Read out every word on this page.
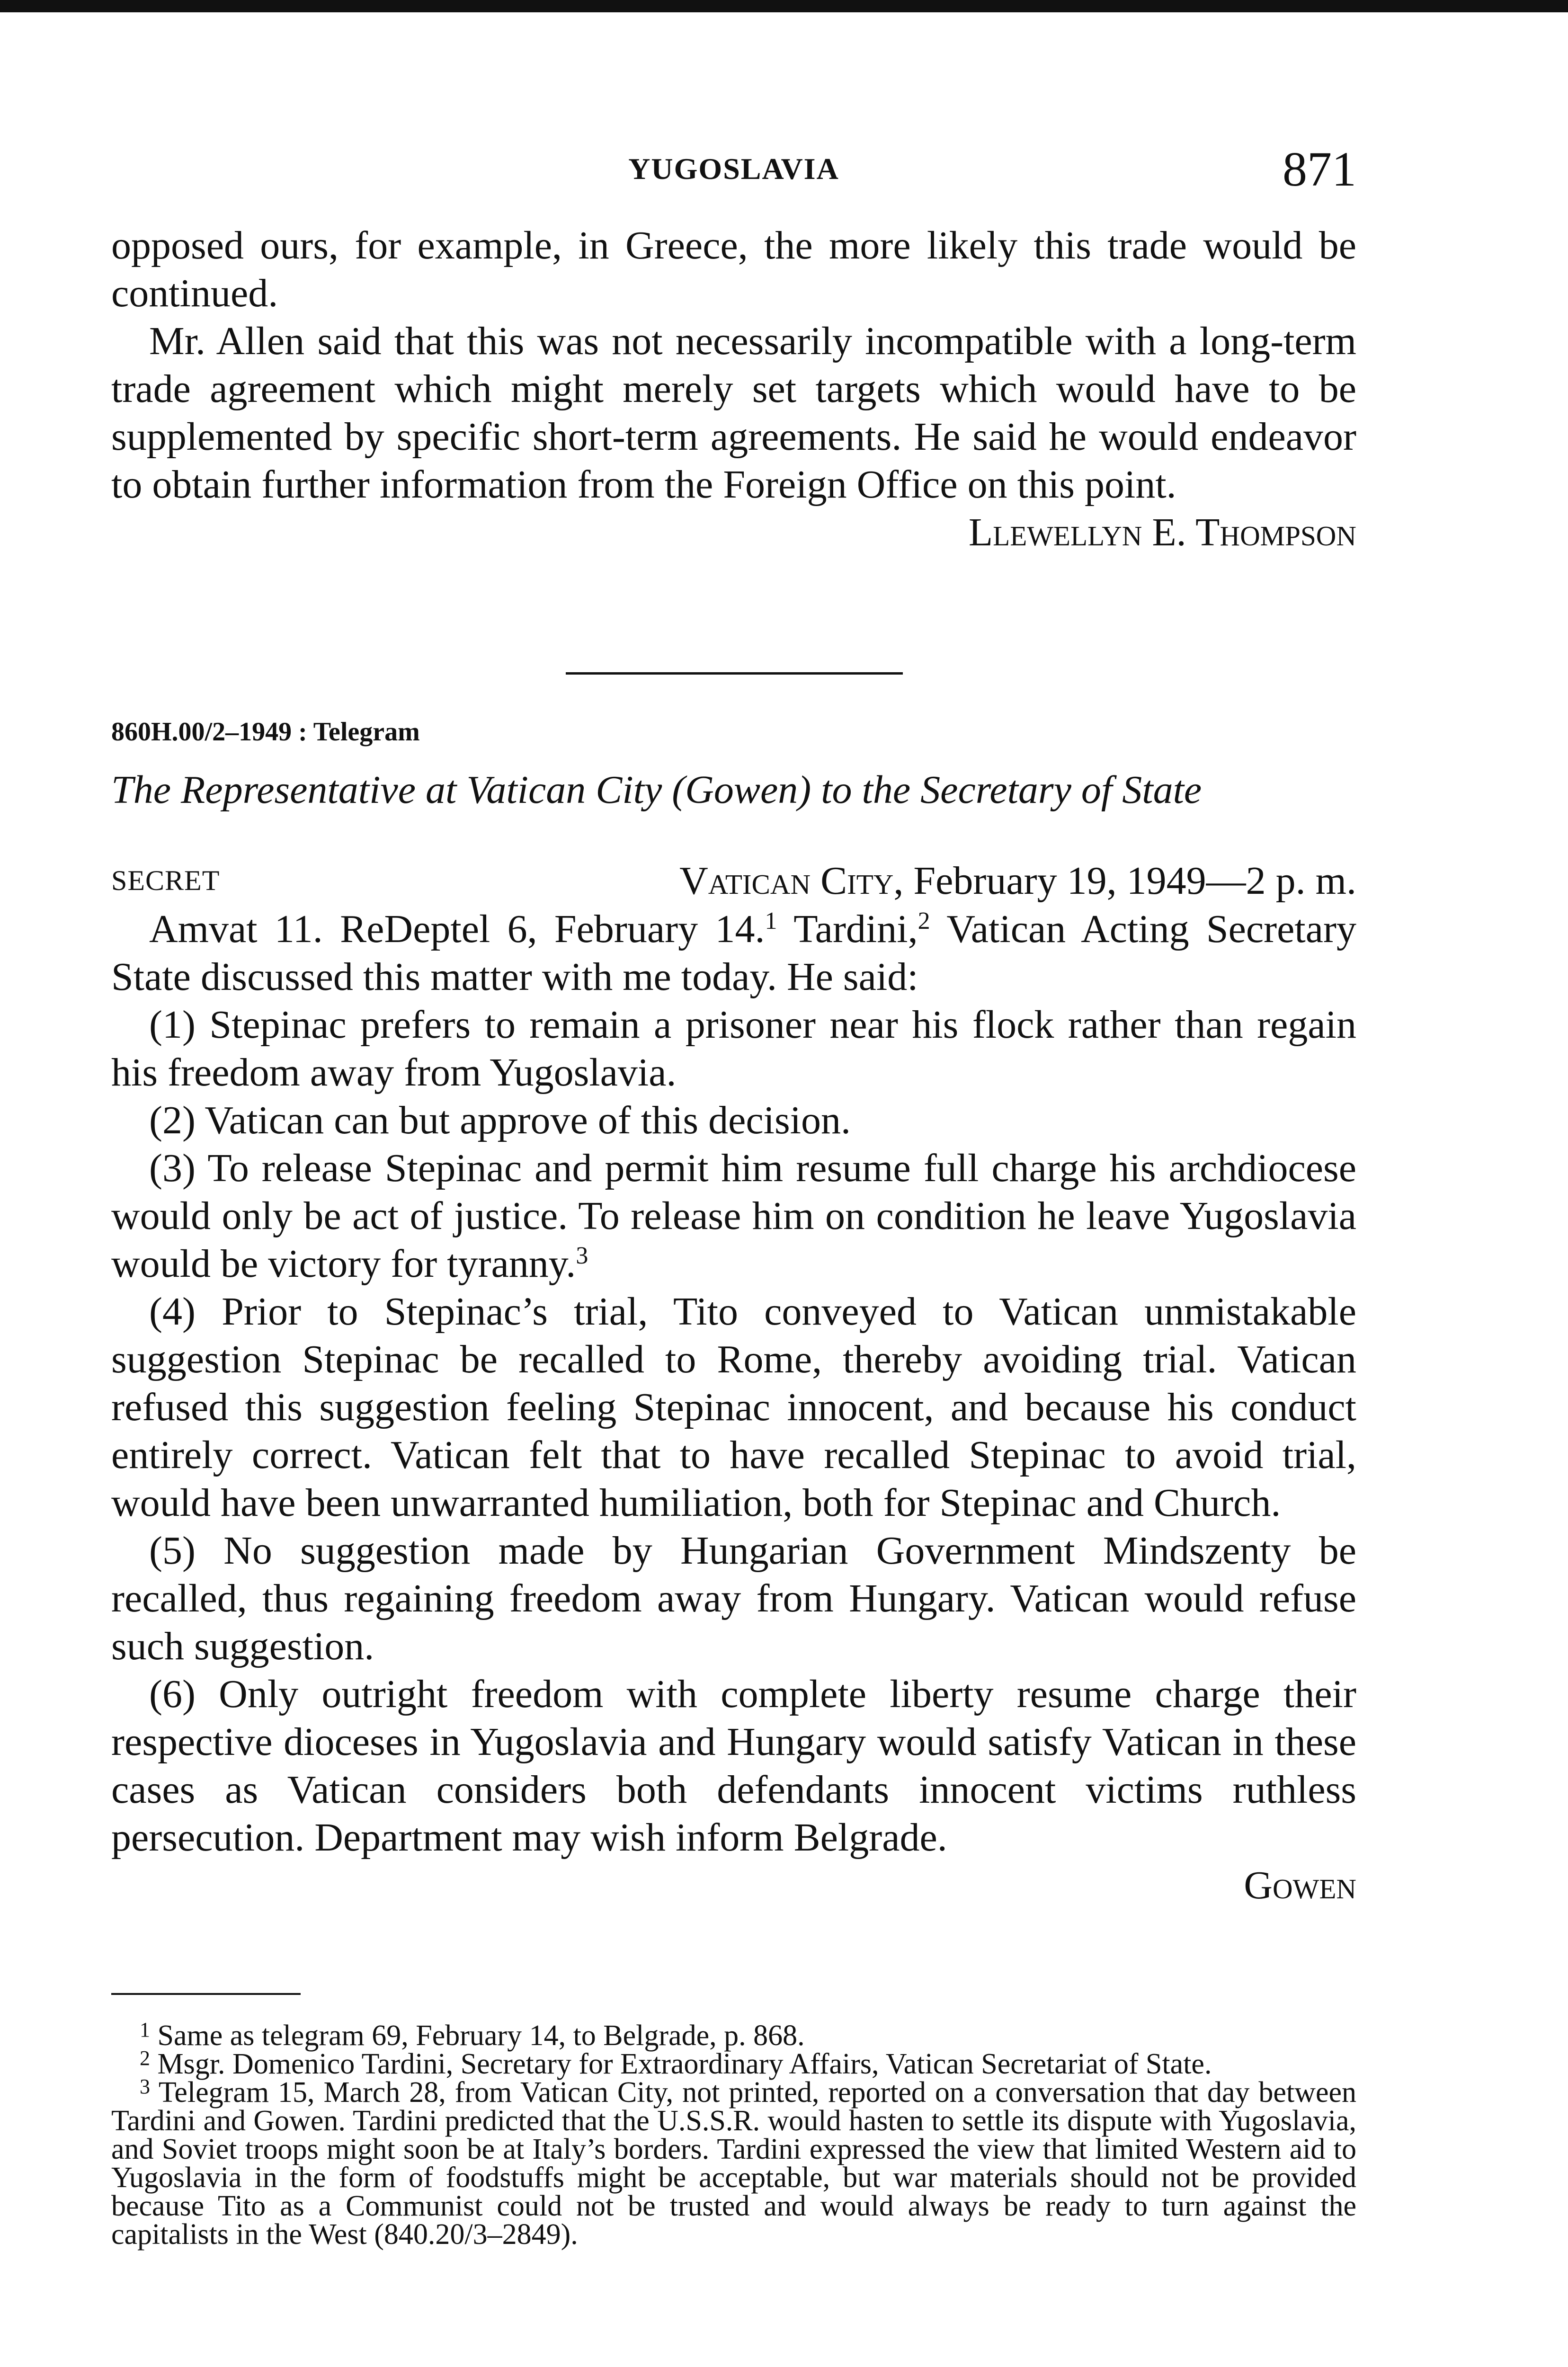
YUGOSLAVIA	871

opposed ours, for example, in Greece, the more likely this trade would be continued.

Mr. Allen said that this was not necessarily incompatible with a long-term trade agreement which might merely set targets which would have to be supplemented by specific short-term agreements. He said he would endeavor to obtain further information from the Foreign Office on this point.

Llewellyn E. Thompson
860H.00/2–1949 : Telegram
The Representative at Vatican City (Gowen) to the Secretary of State
SECRET	Vatican City, February 19, 1949—2 p. m.

Amvat 11. ReDeptel 6, February 14.$^1$ Tardini,$^2$ Vatican Acting Secretary State discussed this matter with me today. He said:

(1) Stepinac prefers to remain a prisoner near his flock rather than regain his freedom away from Yugoslavia.

(2) Vatican can but approve of this decision.

(3) To release Stepinac and permit him resume full charge his archdiocese would only be act of justice. To release him on condition he leave Yugoslavia would be victory for tyranny.$^3$

(4) Prior to Stepinac’s trial, Tito conveyed to Vatican unmistakable suggestion Stepinac be recalled to Rome, thereby avoiding trial. Vatican refused this suggestion feeling Stepinac innocent, and because his conduct entirely correct. Vatican felt that to have recalled Stepinac to avoid trial, would have been unwarranted humiliation, both for Stepinac and Church.

(5) No suggestion made by Hungarian Government Mindszenty be recalled, thus regaining freedom away from Hungary. Vatican would refuse such suggestion.

(6) Only outright freedom with complete liberty resume charge their respective dioceses in Yugoslavia and Hungary would satisfy Vatican in these cases as Vatican considers both defendants innocent victims ruthless persecution. Department may wish inform Belgrade.

Gowen

$^1$ Same as telegram 69, February 14, to Belgrade, p. 868.

$^2$ Msgr. Domenico Tardini, Secretary for Extraordinary Affairs, Vatican Secretariat of State.

$^3$ Telegram 15, March 28, from Vatican City, not printed, reported on a conversation that day between Tardini and Gowen. Tardini predicted that the U.S.S.R. would hasten to settle its dispute with Yugoslavia, and Soviet troops might soon be at Italy’s borders. Tardini expressed the view that limited Western aid to Yugoslavia in the form of foodstuffs might be acceptable, but war materials should not be provided because Tito as a Communist could not be trusted and would always be ready to turn against the capitalists in the West (840.20/3–2849).
